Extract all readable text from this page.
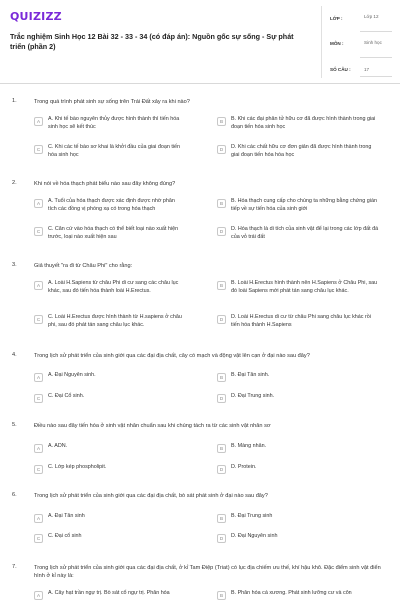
QUIZIZZ
Trắc nghiệm Sinh Học 12 Bài 32 - 33 - 34 (có đáp án): Nguồn gốc sự sống - Sự phát triển (phần 2)
LỚP :	Lớp 12
MÔN :	Sinh học
SỐ CÂU :	17
1.	Trong quá trình phát sinh sự sống trên Trái Đất xảy ra khi nào?
A	A. Khi tế bào nguyên thủy được hình thành thì tiến hóa sinh học sẽ kết thúc
B	B. Khi các đại phân tử hữu cơ đã được hình thành trong giai đoạn tiến hóa sinh học
C	C. Khi các tế bào sơ khai là khởi đầu của giai đoạn tiến hóa sinh học
D	D. Khi các chất hữu cơ đơn giản đã được hình thành trong giai đoạn tiến hóa hóa học
2.	Khi nói về hóa thạch phát biểu nào sau đây không đúng?
A	A. Tuổi của hóa thạch được xác định được nhờ phân tích các đồng vị phóng xạ có trong hóa thạch
B	B. Hóa thạch cung cấp cho chúng ta những bằng chứng gián tiếp về sự tiến hóa của sinh giới
C	C. Căn cứ vào hóa thạch có thể biết loại nào xuất hiện trước, loại nào xuất hiện sau
D	D. Hóa thạch là di tích của sinh vật để lại trong các lớp đất đá của vỏ trái đất
3.	Giả thuyết "ra đi từ Châu Phi" cho rằng:
A	A. Loài H.Sapiens từ châu Phi di cư sang các châu lục khác, sau đó tiến hóa thành loài H.Erectus.
B	B. Loài H.Erectus hình thành nên H.Sapiens ở Châu Phi, sau đó loài Sapiens mới phát tán sang châu lục khác.
C	C. Loài H.Erectus được hình thành từ H.sapiens ở châu phi, sau đó phát tán sang châu lục khác.
D	D. Loài H.Erectus di cư từ châu Phi sang châu lục khác rồi tiến hóa thành H.Sapiens
4.	Trong lịch sử phát triển của sinh giới qua các đại địa chất, cây có mạch và động vật lên cạn ở đại nào sau đây?
A	A. Đại Nguyên sinh.	B	B. Đại Tân sinh.
C	C. Đại Cổ sinh.	D	D. Đại Trung sinh.
5.	Điều nào sau đây tiến hóa ở sinh vật nhân chuẩn sau khi chúng tách ra từ các sinh vật nhân sơ
A	A. ADN.	B	B. Màng nhân.
C	C. Lớp kép phospholipit.	D	D. Protein.
6.	Trong lịch sử phát triển của sinh giới qua các đại địa chất, bò sát phát sinh ở đại nào sau đây?
A	A. Đại Tân sinh	B	B. Đại Trung sinh
C	C. Đại cổ sinh	D	D. Đại Nguyên sinh
7.	Trong lịch sử phát triển của sinh giới qua các đại địa chất, ở kỉ Tam Điệp (Triat) có lục địa chiếm ưu thế, khí hậu khô. Đặc điểm sinh vật điển hình ở kỉ này là:
A	A. Cây hạt trần ngự trị. Bò sát cổ ngự trị. Phân hóa	B	B. Phân hóa cá xương. Phát sinh lưỡng cư và côn
